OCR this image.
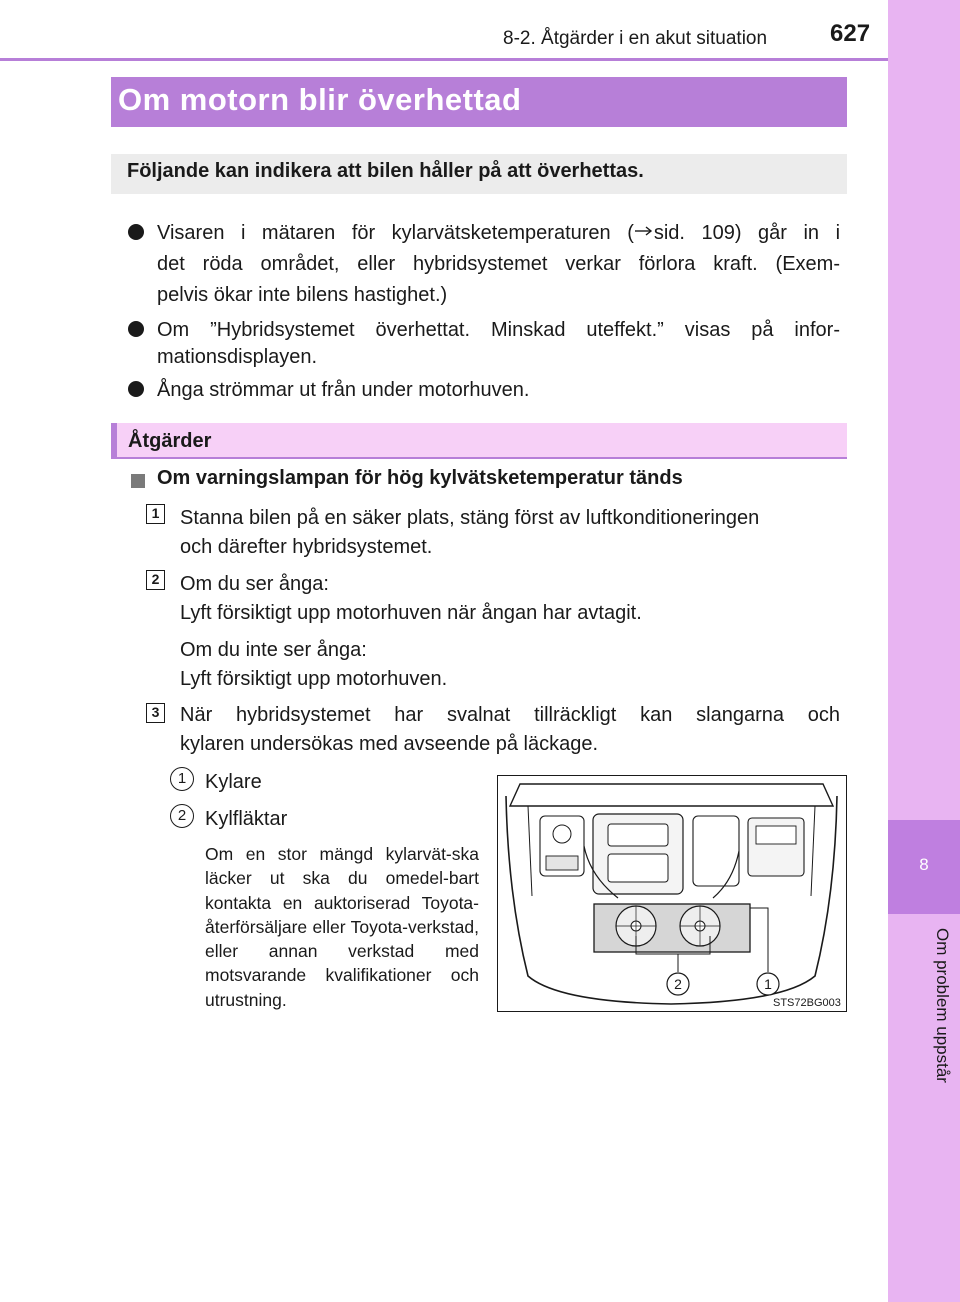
8-2. Åtgärder i en akut situation	627
8
Om problem uppstår
Om motorn blir överhettad
Följande kan indikera att bilen håller på att överhettas.
Visaren i mätaren för kylarvätsketemperaturen ( sid. 109) går in i
det röda området, eller hybridsystemet verkar förlora kraft. (Exem-
pelvis ökar inte bilens hastighet.)
Om ”Hybridsystemet överhettat. Minskad uteffekt.” visas på infor-
mationsdisplayen.
Ånga strömmar ut från under motorhuven.
Åtgärder
Om varningslampan för hög kylvätsketemperatur tänds
1 Stanna bilen på en säker plats, stäng först av luftkonditioneringen
och därefter hybridsystemet.
2 Om du ser ånga:
Lyft försiktigt upp motorhuven när ångan har avtagit.
Om du inte ser ånga:
Lyft försiktigt upp motorhuven.
3 När hybridsystemet har svalnat tillräckligt kan slangarna och
kylaren undersökas med avseende på läckage.
1 Kylare
2 Kylfläktar
Om en stor mängd kylarvät-ska läcker ut ska du omedel-bart kontakta en auktoriserad Toyota-återförsäljare eller Toyota-verkstad, eller annan verkstad med motsvarande kvalifikationer och utrustning.
2	1
STS72BG003
